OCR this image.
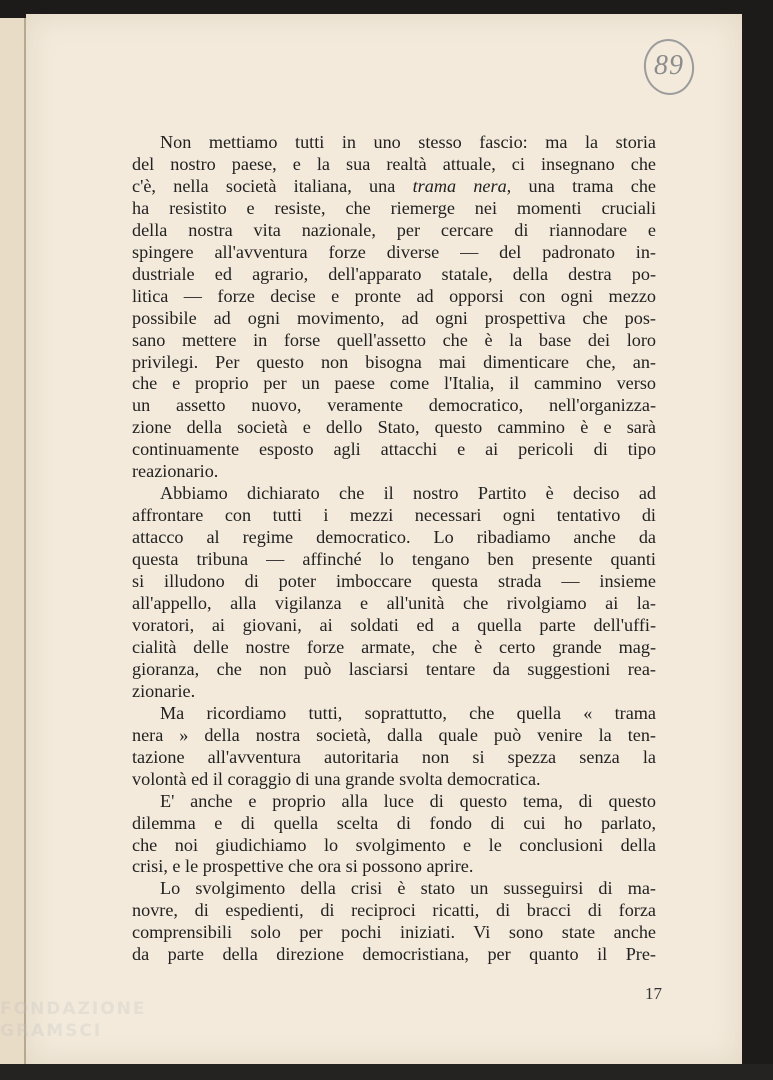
89
Non mettiamo tutti in uno stesso fascio: ma la storia
del nostro paese, e la sua realtà attuale, ci insegnano che
c'è, nella società italiana, una trama nera, una trama che
ha resistito e resiste, che riemerge nei momenti cruciali
della nostra vita nazionale, per cercare di riannodare e
spingere all'avventura forze diverse — del padronato in-
dustriale ed agrario, dell'apparato statale, della destra po-
litica — forze decise e pronte ad opporsi con ogni mezzo
possibile ad ogni movimento, ad ogni prospettiva che pos-
sano mettere in forse quell'assetto che è la base dei loro
privilegi. Per questo non bisogna mai dimenticare che, an-
che e proprio per un paese come l'Italia, il cammino verso
un assetto nuovo, veramente democratico, nell'organizza-
zione della società e dello Stato, questo cammino è e sarà
continuamente esposto agli attacchi e ai pericoli di tipo
reazionario.
Abbiamo dichiarato che il nostro Partito è deciso ad
affrontare con tutti i mezzi necessari ogni tentativo di
attacco al regime democratico. Lo ribadiamo anche da
questa tribuna — affinché lo tengano ben presente quanti
si illudono di poter imboccare questa strada — insieme
all'appello, alla vigilanza e all'unità che rivolgiamo ai la-
voratori, ai giovani, ai soldati ed a quella parte dell'uffi-
cialità delle nostre forze armate, che è certo grande mag-
gioranza, che non può lasciarsi tentare da suggestioni rea-
zionarie.
Ma ricordiamo tutti, soprattutto, che quella « trama
nera » della nostra società, dalla quale può venire la ten-
tazione all'avventura autoritaria non si spezza senza la
volontà ed il coraggio di una grande svolta democratica.
E' anche e proprio alla luce di questo tema, di questo
dilemma e di quella scelta di fondo di cui ho parlato,
che noi giudichiamo lo svolgimento e le conclusioni della
crisi, e le prospettive che ora si possono aprire.
Lo svolgimento della crisi è stato un susseguirsi di ma-
novre, di espedienti, di reciproci ricatti, di bracci di forza
comprensibili solo per pochi iniziati. Vi sono state anche
da parte della direzione democristiana, per quanto il Pre-
17
FONDAZIONE
GRAMSCI
